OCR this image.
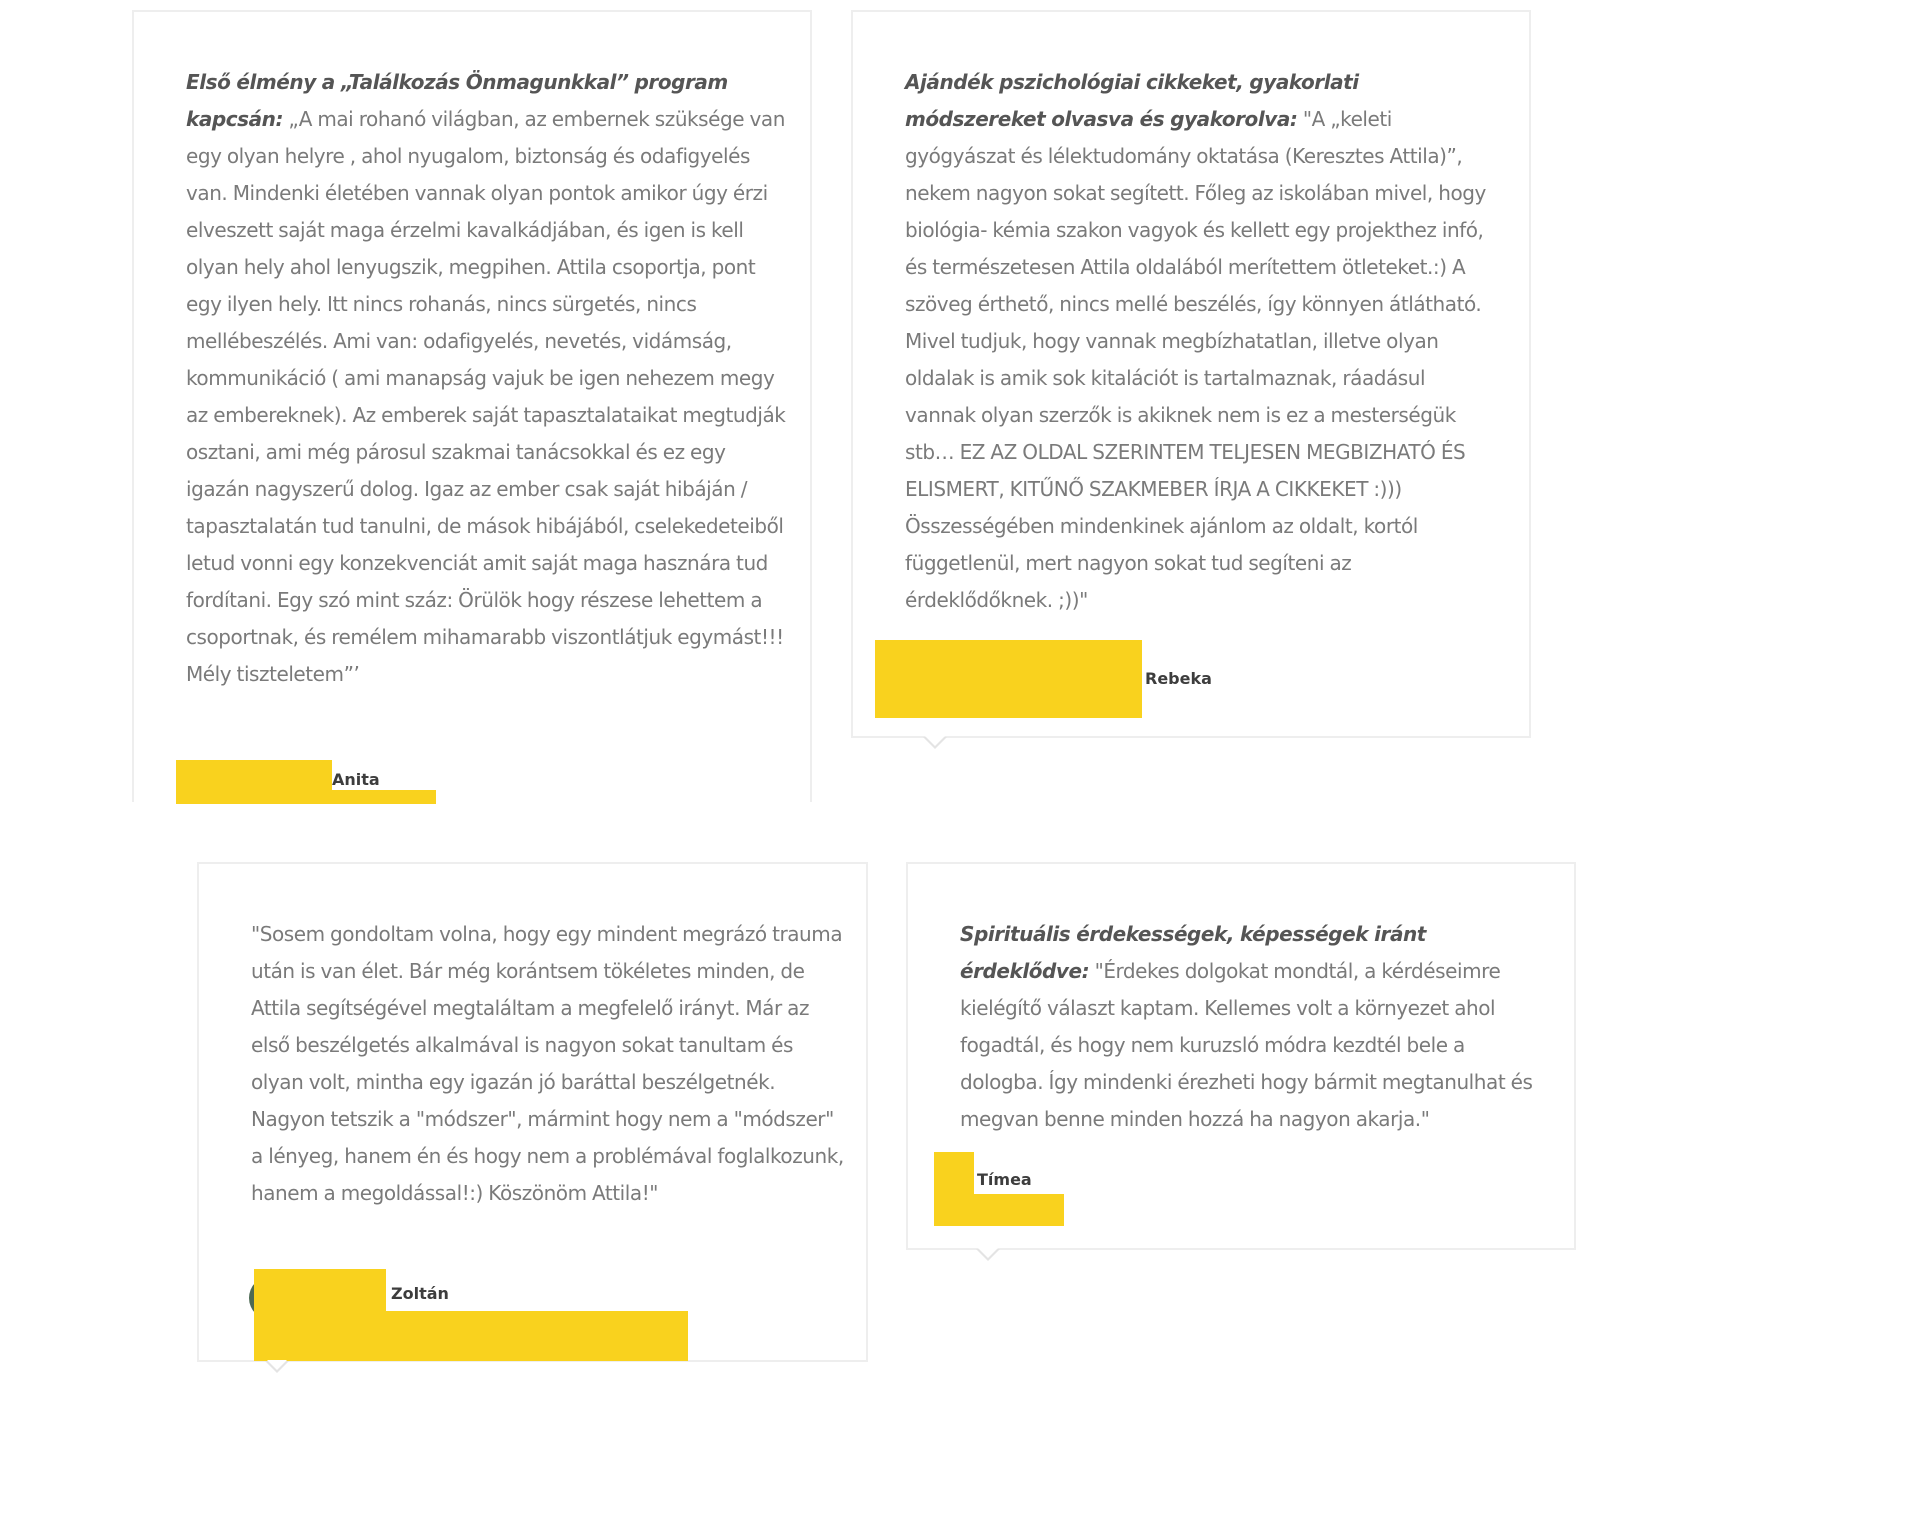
Első élmény a „Találkozás Önmagunkkal” program kapcsán: „A mai rohanó világban, az embernek szüksége van egy olyan helyre , ahol nyugalom, biztonság és odafigyelés van. Mindenki életében vannak olyan pontok amikor úgy érzi elveszett saját maga érzelmi kavalkádjában, és igen is kell olyan hely ahol lenyugszik, megpihen. Attila csoportja, pont egy ilyen hely. Itt nincs rohanás, nincs sürgetés, nincs mellébeszélés. Ami van: odafigyelés, nevetés, vidámság, kommunikáció ( ami manapság vajuk be igen nehezem megy az embereknek). Az emberek saját tapasztalataikat megtudják osztani, ami még párosul szakmai tanácsokkal és ez egy igazán nagyszerű dolog. Igaz az ember csak saját hibáján / tapasztalatán tud tanulni, de mások hibájából, cselekedeteiből letud vonni egy konzekvenciát amit saját maga hasznára tud fordítani. Egy szó mint száz: Örülök hogy részese lehettem a csoportnak, és remélem mihamarabb viszontlátjuk egymást!!! Mély tiszteletem”’

Anita

Ajándék pszichológiai cikkeket, gyakorlati módszereket olvasva és gyakorolva: "A „keleti gyógyászat és lélektudomány oktatása (Keresztes Attila)”, nekem nagyon sokat segített. Főleg az iskolában mivel, hogy biológia- kémia szakon vagyok és kellett egy projekthez infó, és természetesen Attila oldalából merítettem ötleteket.:) A szöveg érthető, nincs mellé beszélés, így könnyen átlátható. Mivel tudjuk, hogy vannak megbízhatatlan, illetve olyan oldalak is amik sok kitalációt is tartalmaznak, ráadásul vannak olyan szerzők is akiknek nem is ez a mesterségük stb… EZ AZ OLDAL SZERINTEM TELJESEN MEGBIZHATÓ ÉS ELISMERT, KITŰNŐ SZAKMEBER ÍRJA A CIKKEKET :))) Összességében mindenkinek ajánlom az oldalt, kortól függetlenül, mert nagyon sokat tud segíteni az érdeklődőknek. ;))"

Rebeka

"Sosem gondoltam volna, hogy egy mindent megrázó trauma után is van élet. Bár még korántsem tökéletes minden, de Attila segítségével megtaláltam a megfelelő irányt. Már az első beszélgetés alkalmával is nagyon sokat tanultam és olyan volt, mintha egy igazán jó baráttal beszélgetnék. Nagyon tetszik a "módszer", mármint hogy nem a "módszer" a lényeg, hanem én és hogy nem a problémával foglalkozunk, hanem a megoldással!:) Köszönöm Attila!"

Zoltán

Spirituális érdekességek, képességek iránt érdeklődve: "Érdekes dolgokat mondtál, a kérdéseimre kielégítő választ kaptam. Kellemes volt a környezet ahol fogadtál, és hogy nem kuruzsló módra kezdtél bele a dologba. Így mindenki érezheti hogy bármit megtanulhat és megvan benne minden hozzá ha nagyon akarja."

Tímea
